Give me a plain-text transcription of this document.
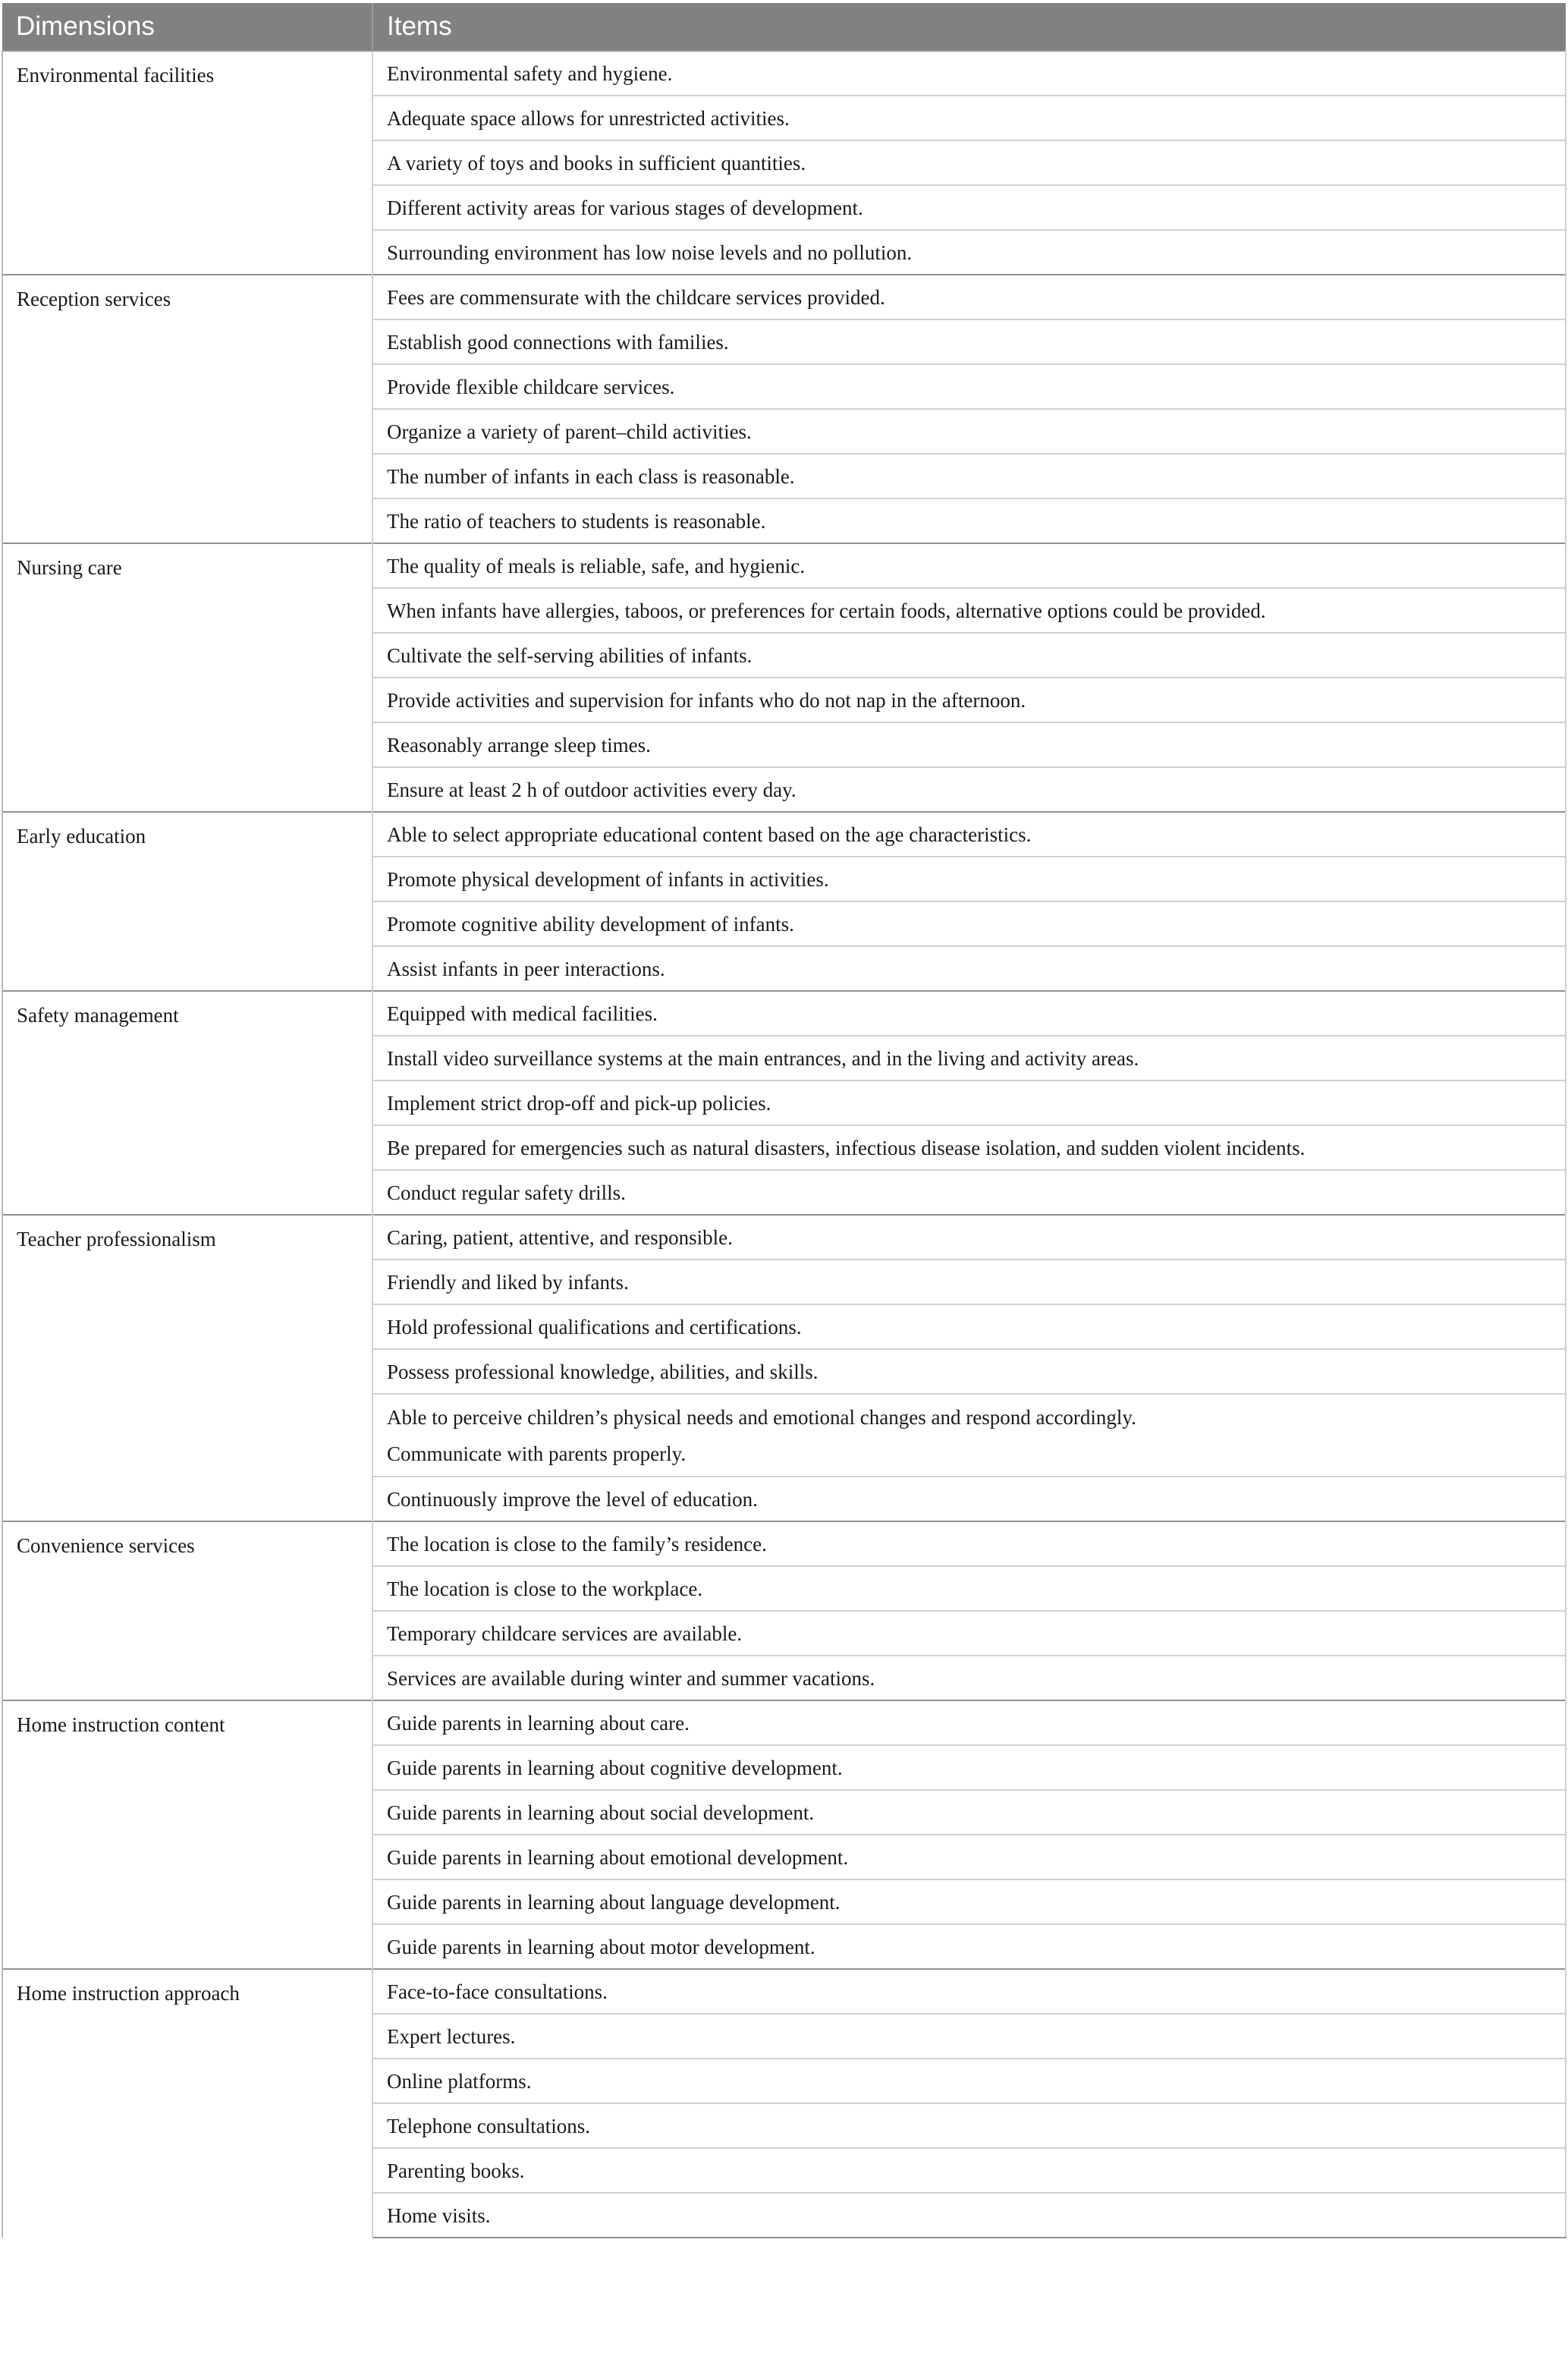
Dimensions	Items
Environmental facilities	Environmental safety and hygiene.
	Adequate space allows for unrestricted activities.
	A variety of toys and books in sufficient quantities.
	Different activity areas for various stages of development.
	Surrounding environment has low noise levels and no pollution.
Reception services	Fees are commensurate with the childcare services provided.
	Establish good connections with families.
	Provide flexible childcare services.
	Organize a variety of parent–child activities.
	The number of infants in each class is reasonable.
	The ratio of teachers to students is reasonable.
Nursing care	The quality of meals is reliable, safe, and hygienic.
	When infants have allergies, taboos, or preferences for certain foods, alternative options could be provided.
	Cultivate the self-serving abilities of infants.
	Provide activities and supervision for infants who do not nap in the afternoon.
	Reasonably arrange sleep times.
	Ensure at least 2 h of outdoor activities every day.
Early education	Able to select appropriate educational content based on the age characteristics.
	Promote physical development of infants in activities.
	Promote cognitive ability development of infants.
	Assist infants in peer interactions.
Safety management	Equipped with medical facilities.
	Install video surveillance systems at the main entrances, and in the living and activity areas.
	Implement strict drop-off and pick-up policies.
	Be prepared for emergencies such as natural disasters, infectious disease isolation, and sudden violent incidents.
	Conduct regular safety drills.
Teacher professionalism	Caring, patient, attentive, and responsible.
	Friendly and liked by infants.
	Hold professional qualifications and certifications.
	Possess professional knowledge, abilities, and skills.

	Able to perceive children’s physical needs and emotional changes and respond accordingly.
Communicate with parents properly.

	Continuously improve the level of education.
Convenience services	The location is close to the family’s residence.
	The location is close to the workplace.
	Temporary childcare services are available.
	Services are available during winter and summer vacations.
Home instruction content	Guide parents in learning about care.
	Guide parents in learning about cognitive development.
	Guide parents in learning about social development.
	Guide parents in learning about emotional development.
	Guide parents in learning about language development.
	Guide parents in learning about motor development.
Home instruction approach	Face-to-face consultations.
	Expert lectures.
	Online platforms.
	Telephone consultations.
	Parenting books.
	Home visits.
